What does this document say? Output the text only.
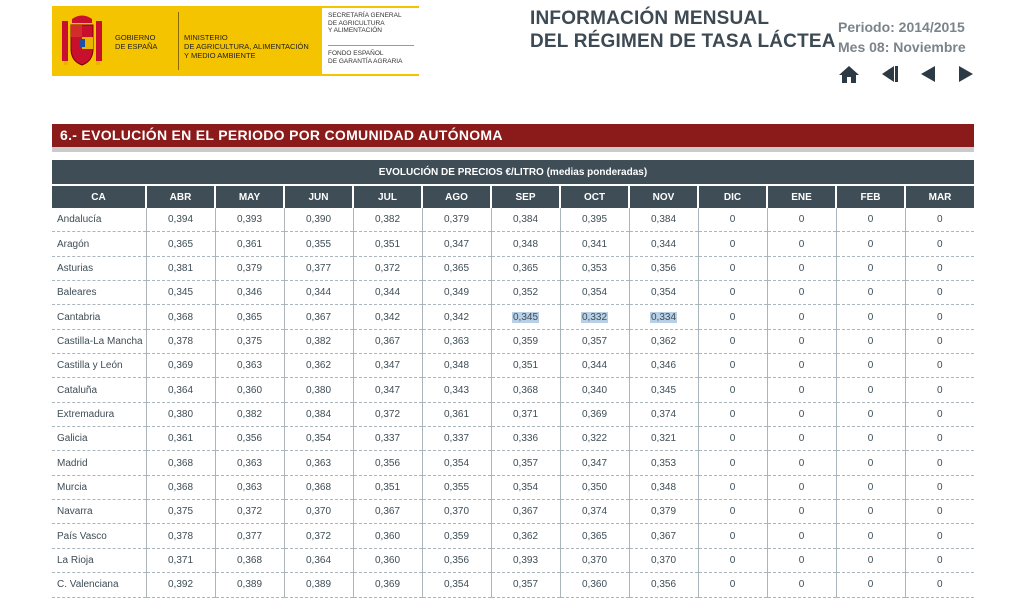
GOBIERNO
DE ESPAÑA
MINISTERIO
DE AGRICULTURA, ALIMENTACIÓN
Y MEDIO AMBIENTE
SECRETARÍA GENERAL
DE AGRICULTURA
Y ALIMENTACIÓN
FONDO ESPAÑOL
DE GARANTÍA AGRARIA
INFORMACIÓN MENSUAL
DEL RÉGIMEN DE TASA LÁCTEA
Periodo: 2014/2015
Mes 08: Noviembre
6.- EVOLUCIÓN EN EL PERIODO POR COMUNIDAD AUTÓNOMA
EVOLUCIÓN DE PRECIOS €/LITRO (medias ponderadas)												
CA	ABR	MAY	JUN	JUL	AGO	SEP	OCT	NOV	DIC	ENE	FEB	MAR
Andalucía	0,394	0,393	0,390	0,382	0,379	0,384	0,395	0,384	0	0	0	0
Aragón	0,365	0,361	0,355	0,351	0,347	0,348	0,341	0,344	0	0	0	0
Asturias	0,381	0,379	0,377	0,372	0,365	0,365	0,353	0,356	0	0	0	0
Baleares	0,345	0,346	0,344	0,344	0,349	0,352	0,354	0,354	0	0	0	0
Cantabria	0,368	0,365	0,367	0,342	0,342	0,345	0,332	0,334	0	0	0	0
Castilla-La Mancha	0,378	0,375	0,382	0,367	0,363	0,359	0,357	0,362	0	0	0	0
Castilla y León	0,369	0,363	0,362	0,347	0,348	0,351	0,344	0,346	0	0	0	0
Cataluña	0,364	0,360	0,380	0,347	0,343	0,368	0,340	0,345	0	0	0	0
Extremadura	0,380	0,382	0,384	0,372	0,361	0,371	0,369	0,374	0	0	0	0
Galicia	0,361	0,356	0,354	0,337	0,337	0,336	0,322	0,321	0	0	0	0
Madrid	0,368	0,363	0,363	0,356	0,354	0,357	0,347	0,353	0	0	0	0
Murcia	0,368	0,363	0,368	0,351	0,355	0,354	0,350	0,348	0	0	0	0
Navarra	0,375	0,372	0,370	0,367	0,370	0,367	0,374	0,379	0	0	0	0
País Vasco	0,378	0,377	0,372	0,360	0,359	0,362	0,365	0,367	0	0	0	0
La Rioja	0,371	0,368	0,364	0,360	0,356	0,393	0,370	0,370	0	0	0	0
C. Valenciana	0,392	0,389	0,389	0,369	0,354	0,357	0,360	0,356	0	0	0	0
